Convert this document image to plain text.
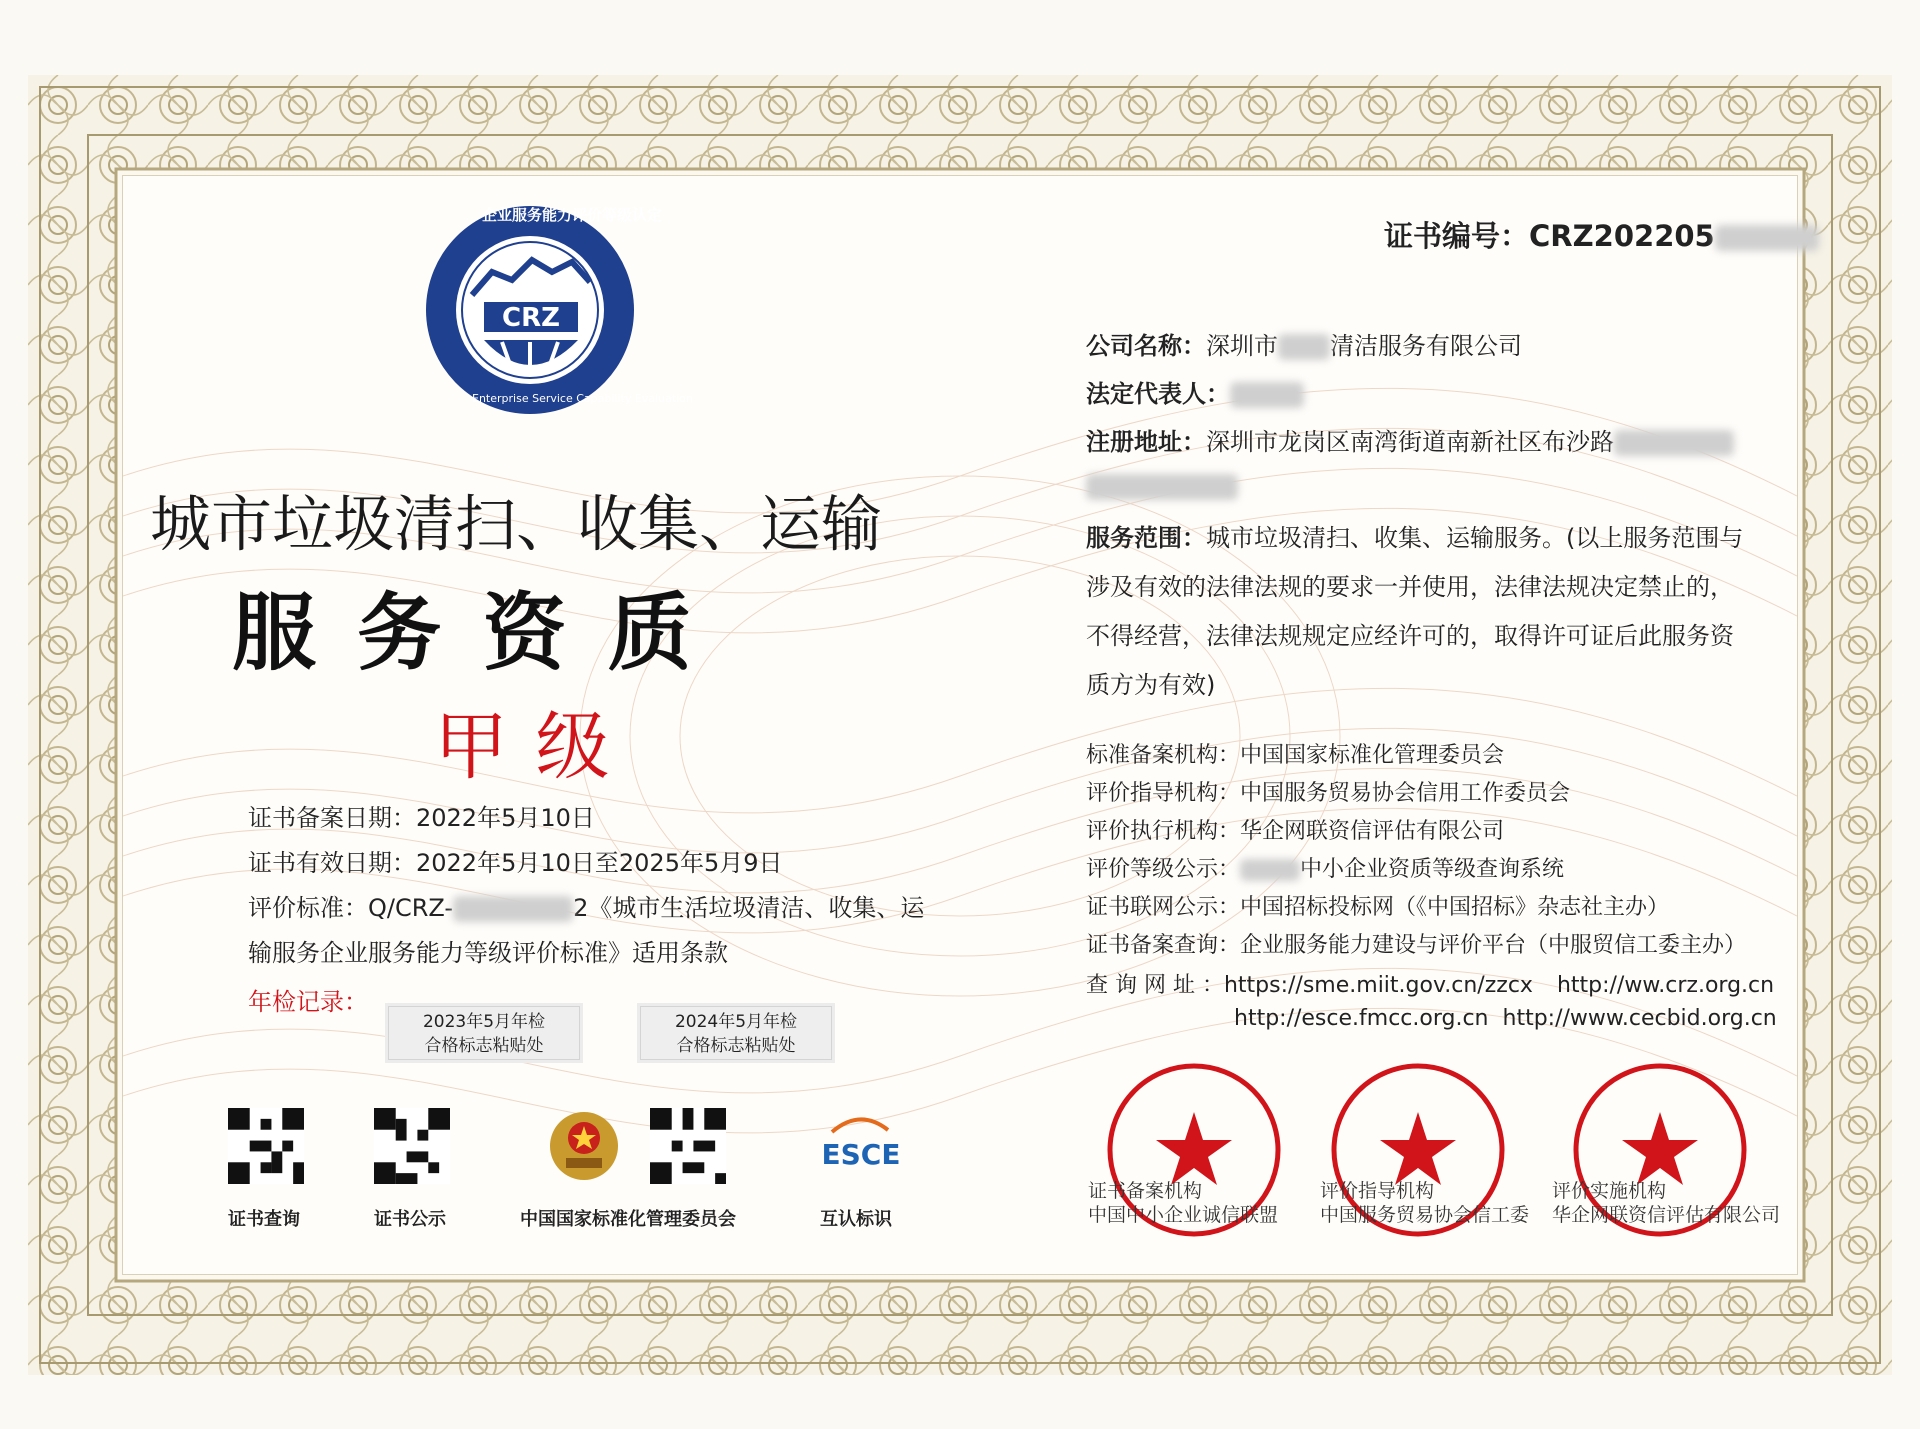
CRZ
企业服务能力评价等级认定
Enterprise Service Capability Evaluation
证书编号：CRZ202205
城市垃圾清扫、收集、运输
服 务 资 质
甲 级
证书备案日期：2022年5月10日
证书有效日期：2022年5月10日至2025年5月9日
评价标准：Q/CRZ-	2《城市生活垃圾清洁、收集、运
输服务企业服务能力等级评价标准》适用条款
年检记录：
2023年5月年检
合格标志粘贴处
2024年5月年检
合格标志粘贴处
证书查询	证书公示	中国国家标准化管理委员会
ESCE
互认标识
公司名称：深圳市 清洁服务有限公司
法定代表人：
注册地址：深圳市龙岗区南湾街道南新社区布沙路
服务范围：城市垃圾清扫、收集、运输服务。(以上服务范围与
涉及有效的法律法规的要求一并使用，法律法规决定禁止的，
不得经营，法律法规规定应经许可的，取得许可证后此服务资
质方为有效)
标准备案机构：中国国家标准化管理委员会
评价指导机构：中国服务贸易协会信用工作委员会
评价执行机构：华企网联资信评估有限公司
评价等级公示：	中小企业资质等级查询系统
证书联网公示：中国招标投标网（《中国招标》杂志社主办）
证书备案查询：企业服务能力建设与评价平台（中服贸信工委主办）
查 询 网 址 ：https://sme.miit.gov.cn/zzcx http://ww.crz.org.cn
http://esce.fmcc.org.cn http://www.cecbid.org.cn
证书备案机构
中国中小企业诚信联盟
评价指导机构
中国服务贸易协会信工委
评价实施机构
华企网联资信评估有限公司
